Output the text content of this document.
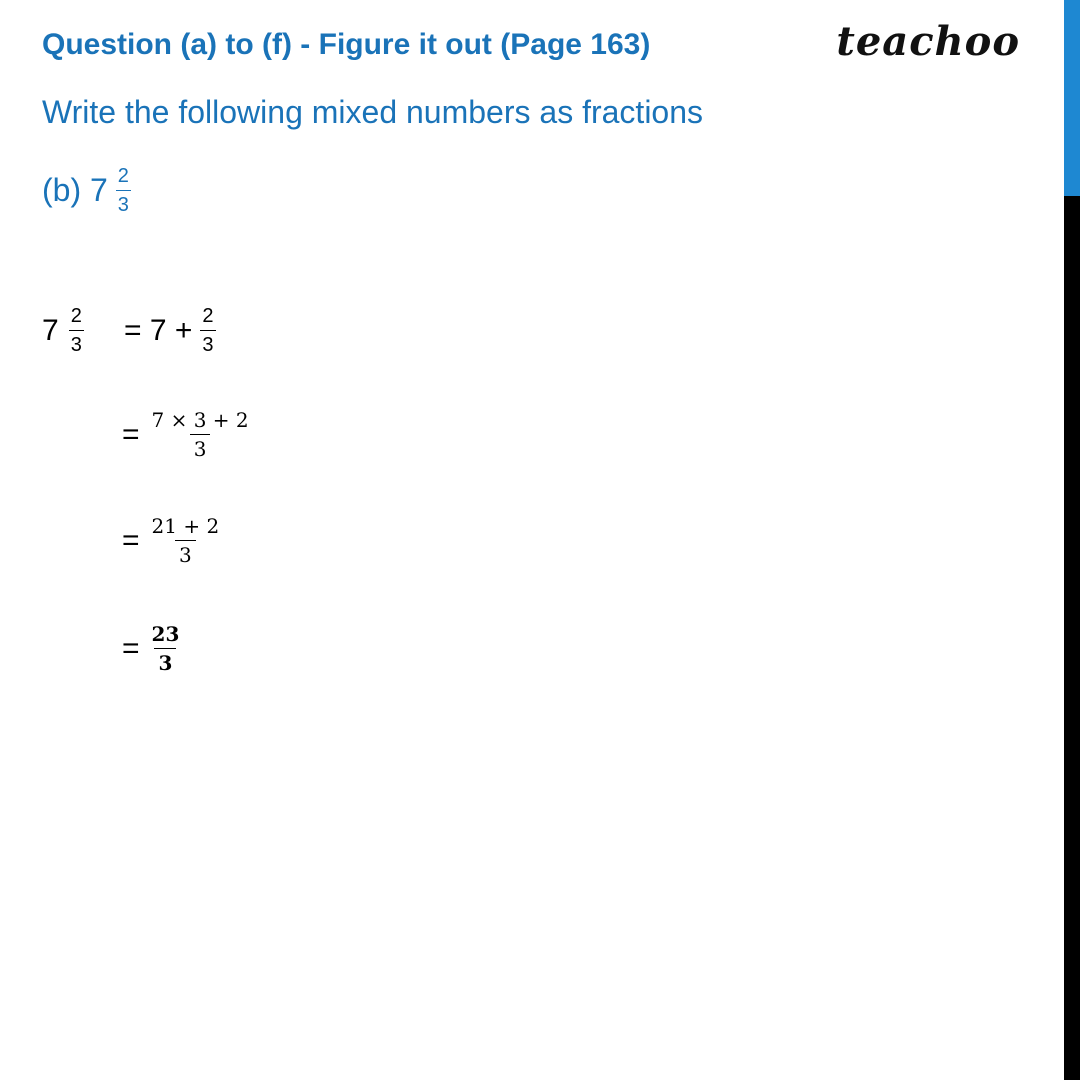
Question (a) to (f) - Figure it out (Page 163)	teachoo
Write the following mixed numbers as fractions
(b) $7 \frac{2}{3}$
$7 \frac{2}{3} = 7 + \frac{2}{3}$
= $\frac{7 \times 3 + 2}{3}$
= $\frac{21 + 2}{3}$
= $\frac{23}{3}$
